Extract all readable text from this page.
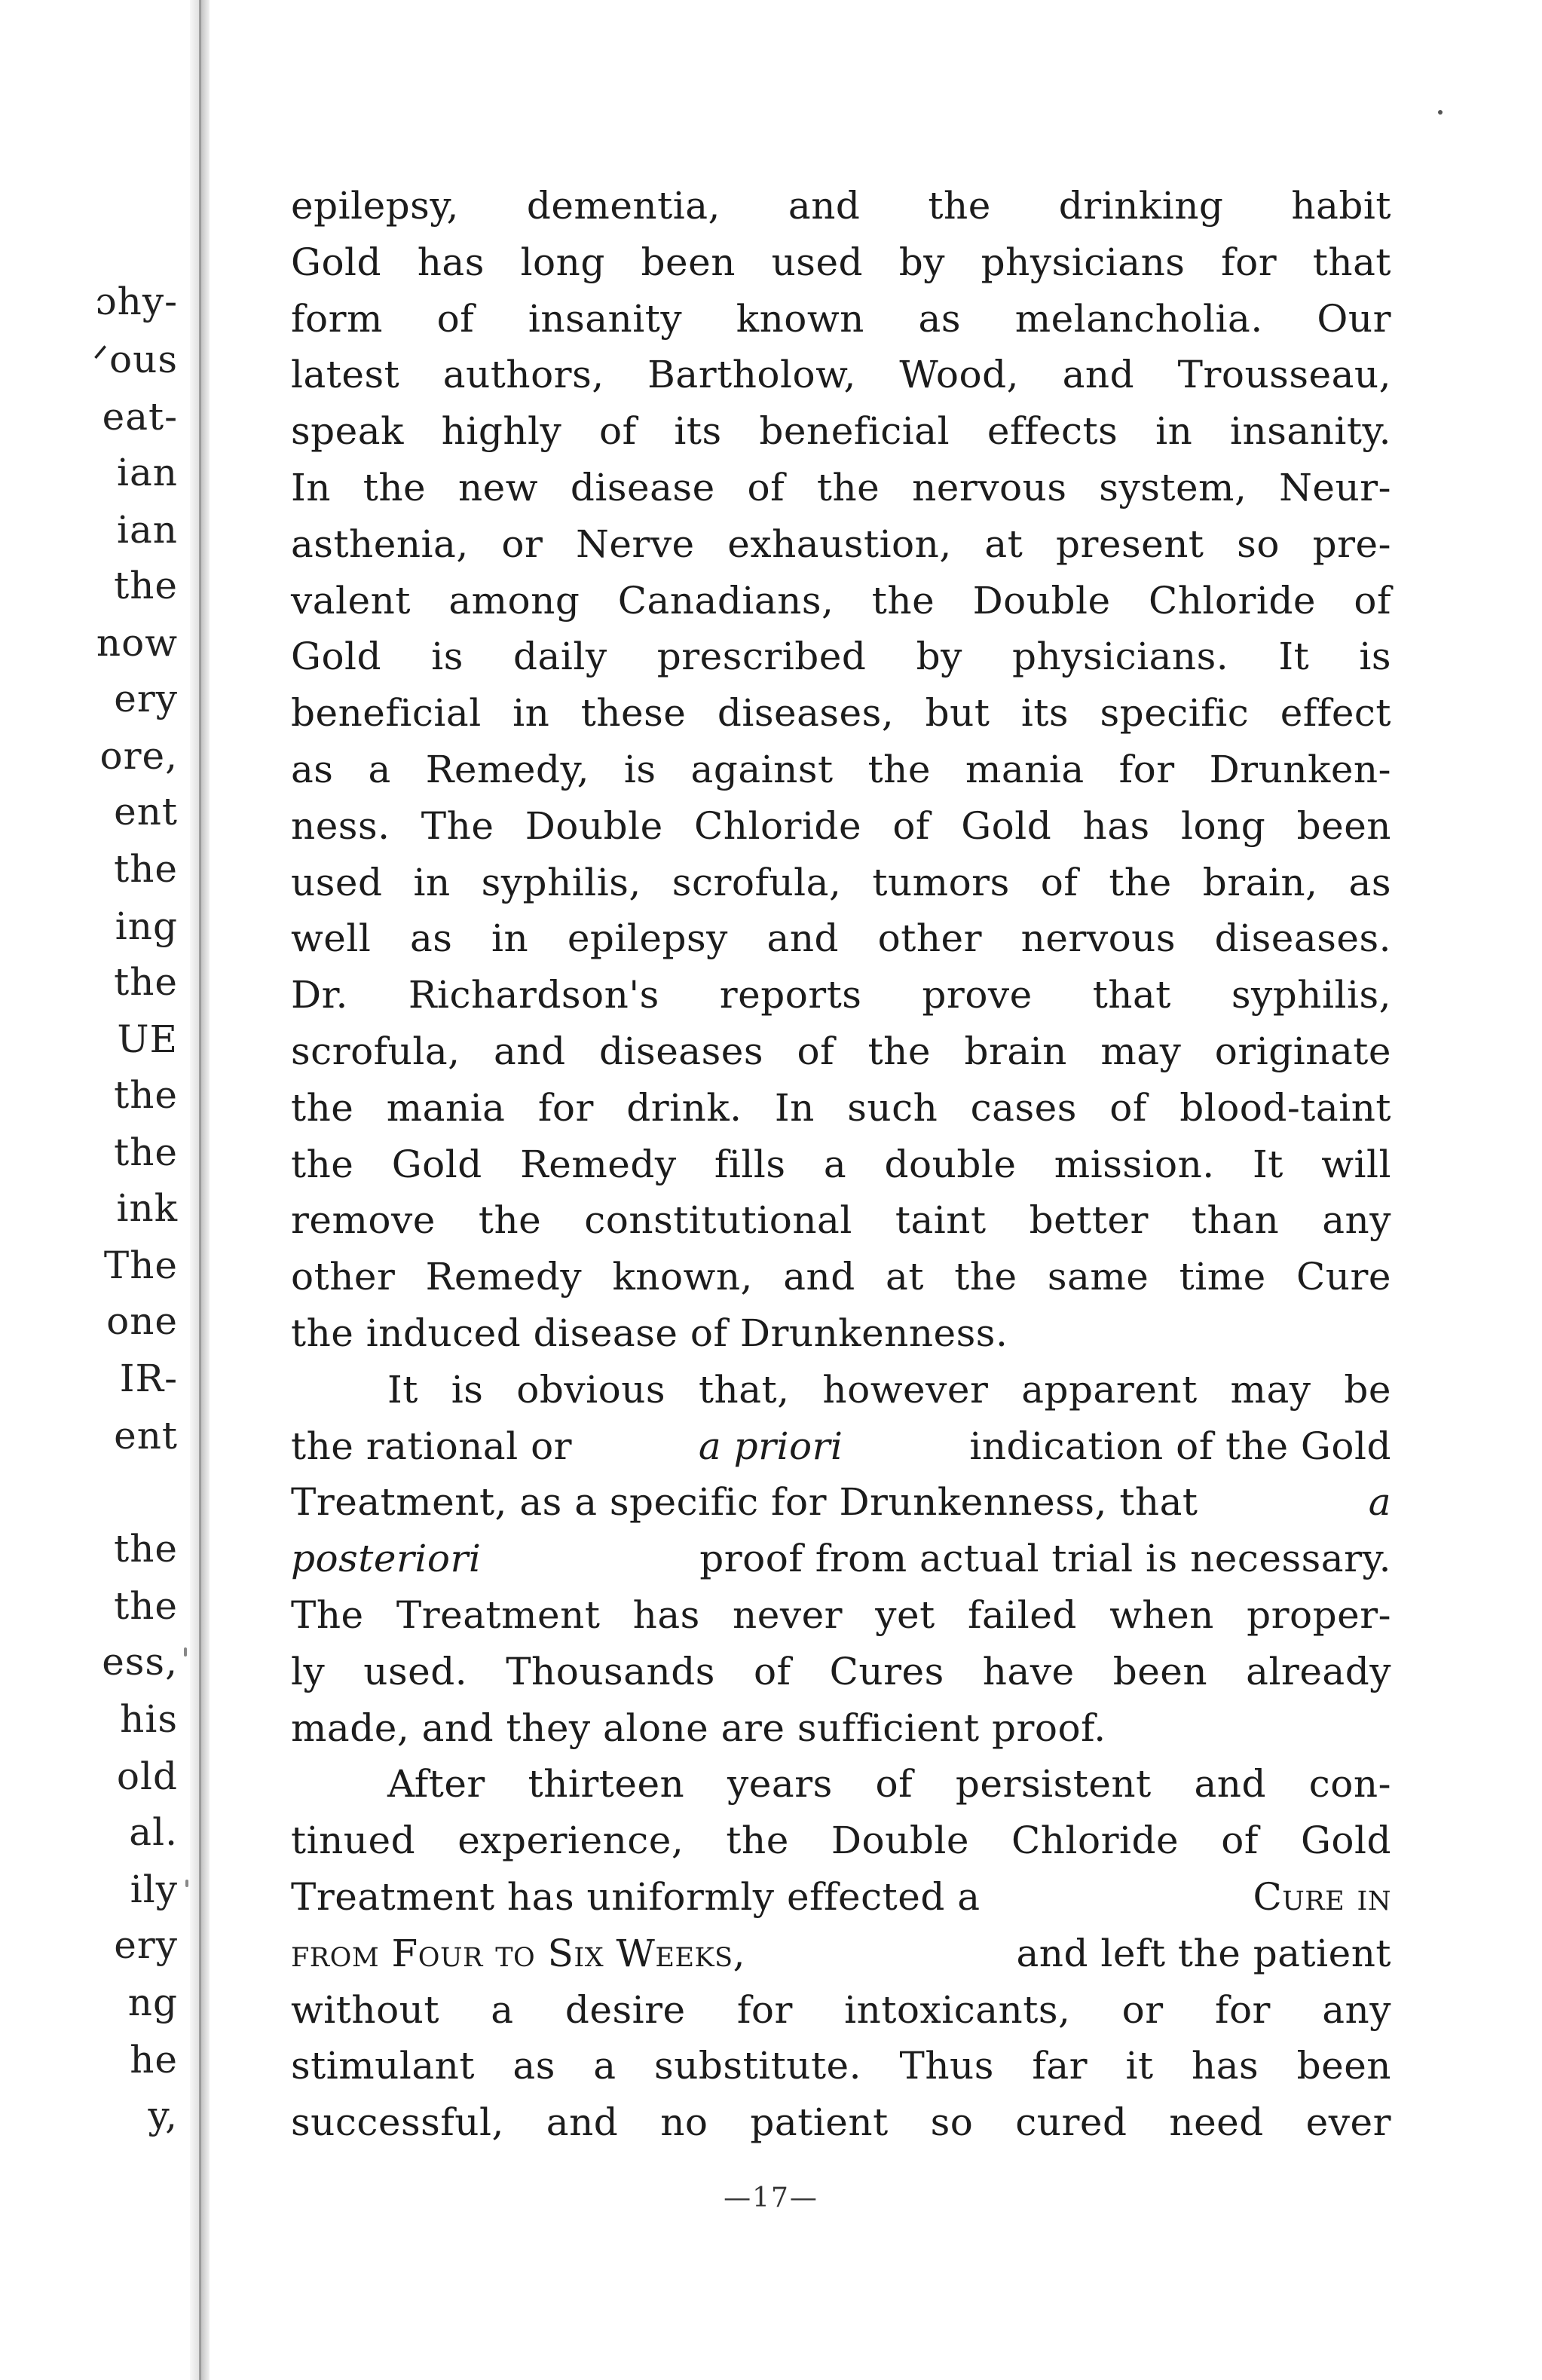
ɔhy-
ᐟous
eat-
ian
ian
the
now
ery
ore,
ent
the
ing
the
UE
the
the
ink
The
one
IR-
ent
the
the
ess,
his
old
al.
ily
ery
ng
he
y,
epilepsy, dementia, and the drinking habit
Gold has long been used by physicians for that
form of insanity known as melancholia. Our
latest authors, Bartholow, Wood, and Trousseau,
speak highly of its beneficial effects in insanity.
In the new disease of the nervous system, Neur-
asthenia, or Nerve exhaustion, at present so pre-
valent among Canadians, the Double Chloride of
Gold is daily prescribed by physicians. It is
beneficial in these diseases, but its specific effect
as a Remedy, is against the mania for Drunken-
ness. The Double Chloride of Gold has long been
used in syphilis, scrofula, tumors of the brain, as
well as in epilepsy and other nervous diseases.
Dr. Richardson's reports prove that syphilis,
scrofula, and diseases of the brain may originate
the mania for drink. In such cases of blood-taint
the Gold Remedy fills a double mission. It will
remove the constitutional taint better than any
other Remedy known, and at the same time Cure
the induced disease of Drunkenness.
It is obvious that, however apparent may be
the rational or	a priori	indication of the Gold
Treatment, as a specific for Drunkenness, that	a
posteriori	proof from actual trial is necessary.
The Treatment has never yet failed when proper-
ly used. Thousands of Cures have been already
made, and they alone are sufficient proof.
After thirteen years of persistent and con-
tinued experience, the Double Chloride of Gold
Treatment has uniformly effected a	Cure in
from Four to Six Weeks,	and left the patient
without a desire for intoxicants, or for any
stimulant as a substitute. Thus far it has been
successful, and no patient so cured need ever
—17—
